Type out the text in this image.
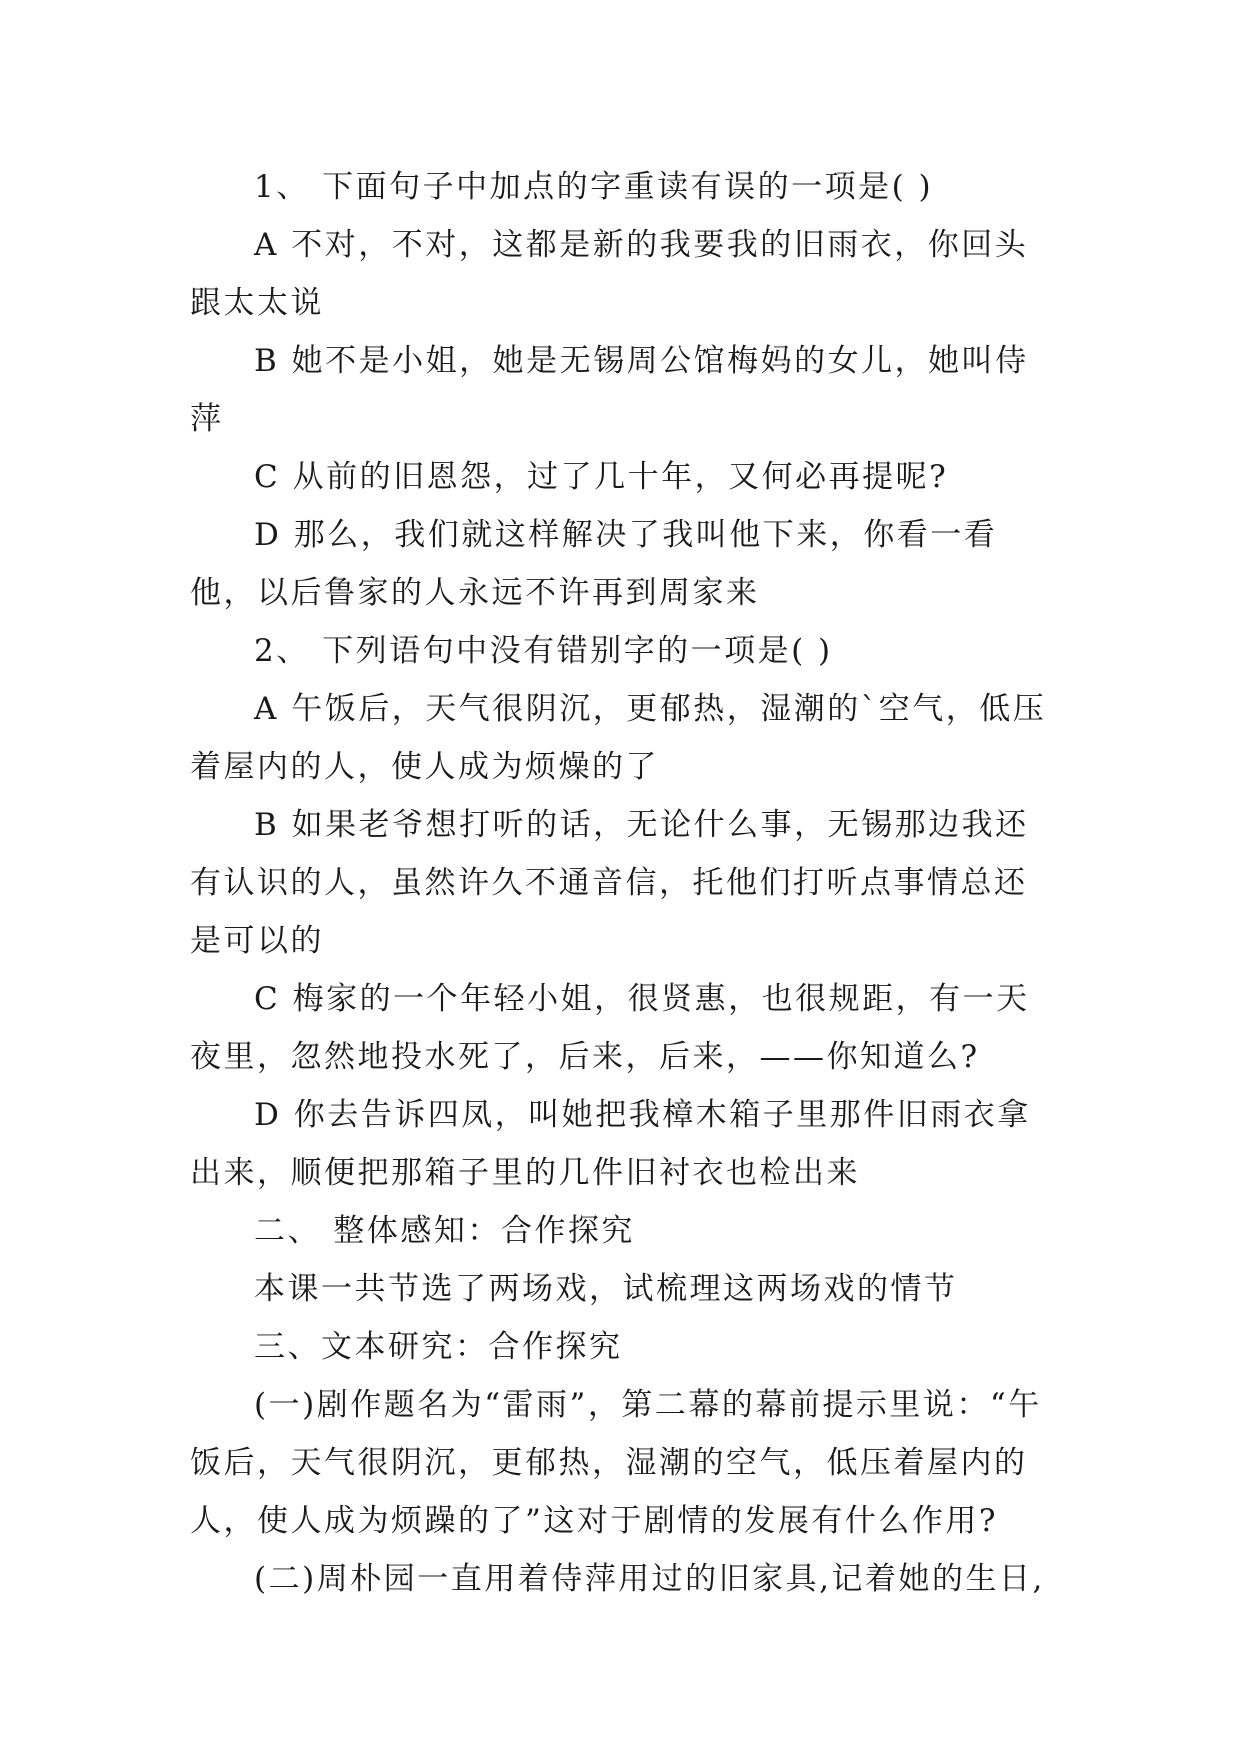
1、 下面句子中加点的字重读有误的一项是( )

A 不对，不对，这都是新的我要我的旧雨衣，你回头跟太太说

B 她不是小姐，她是无锡周公馆梅妈的女儿，她叫侍萍

C 从前的旧恩怨，过了几十年，又何必再提呢?

D 那么，我们就这样解决了我叫他下来，你看一看他，以后鲁家的人永远不许再到周家来

2、 下列语句中没有错别字的一项是( )

A 午饭后，天气很阴沉，更郁热，湿潮的`空气，低压着屋内的人，使人成为烦燥的了

B 如果老爷想打听的话，无论什么事，无锡那边我还有认识的人，虽然许久不通音信，托他们打听点事情总还是可以的

C 梅家的一个年轻小姐，很贤惠，也很规距，有一天夜里，忽然地投水死了，后来，后来，——你知道么?

D 你去告诉四凤，叫她把我樟木箱子里那件旧雨衣拿出来，顺便把那箱子里的几件旧衬衣也检出来

二、 整体感知：合作探究

本课一共节选了两场戏，试梳理这两场戏的情节

三、文本研究：合作探究

(一)剧作题名为“雷雨”，第二幕的幕前提示里说：“午饭后，天气很阴沉，更郁热，湿潮的空气，低压着屋内的人，使人成为烦躁的了”这对于剧情的发展有什么作用?

(二)周朴园一直用着侍萍用过的旧家具,记着她的生日,
